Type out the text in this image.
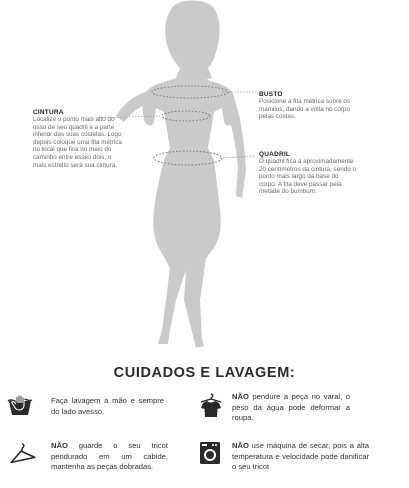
CINTURA
Localize o ponto mais alto do osso de seu quadril e a parte inferior das suas costelas. Logo depois coloque uma fita métrica no local que fica no meio do caminho entre esses dois, o mais estreito será sua cintura.
BUSTO
Posicione a fita métrica sobre os mamilos, dando a volta no corpo pelas costas.
QUADRIL
O quadril fica a aproximadamente 20 centímetros da cintura, sendo o ponto mais largo da base do corpo. A fita deve passar pela metade do bumbum.
CUIDADOS E LAVAGEM:
Faça lavagem a mão e sempre do lado avesso.
NÃO pendure a peça no varal, o peso da água pode deformar a roupa.
NÃO guarde o seu tricot pendurado em um cabide, mantenha as peças dobradas.
NÃO use máquina de secar, pois a alta temperatura e velocidade pode danificar o seu tricot
